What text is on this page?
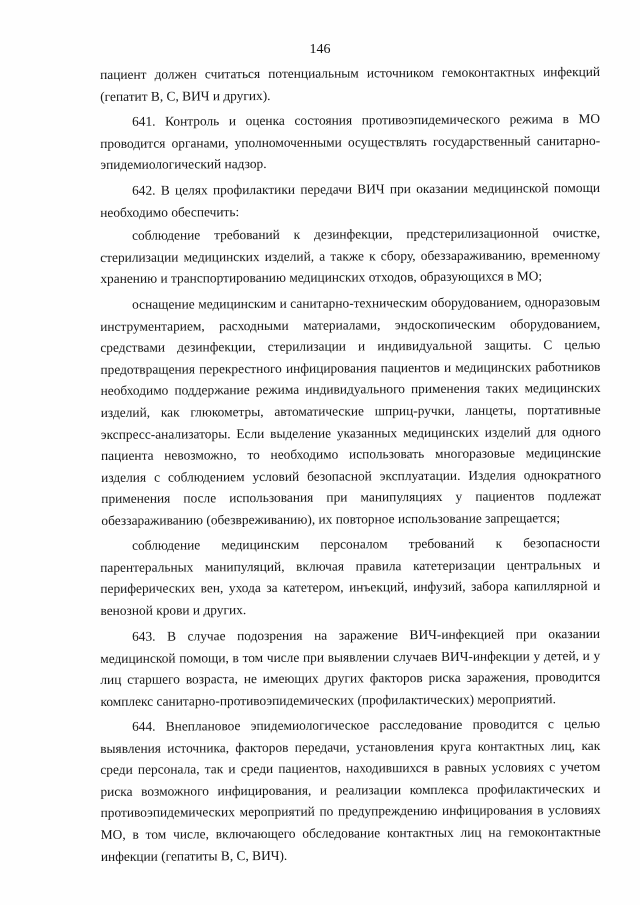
146

пациент должен считаться потенциальным источником гемоконтактных инфекций (гепатит B, C, ВИЧ и других).

641. Контроль и оценка состояния противоэпидемического режима в МО проводится органами, уполномоченными осуществлять государственный санитарно-эпидемиологический надзор.

642. В целях профилактики передачи ВИЧ при оказании медицинской помощи необходимо обеспечить:

соблюдение требований к дезинфекции, предстерилизационной очистке, стерилизации медицинских изделий, а также к сбору, обеззараживанию, временному хранению и транспортированию медицинских отходов, образующихся в МО;

оснащение медицинским и санитарно-техническим оборудованием, одноразовым инструментарием, расходными материалами, эндоскопическим оборудованием, средствами дезинфекции, стерилизации и индивидуальной защиты. С целью предотвращения перекрестного инфицирования пациентов и медицинских работников необходимо поддержание режима индивидуального применения таких медицинских изделий, как глюкометры, автоматические шприц-ручки, ланцеты, портативные экспресс-анализаторы. Если выделение указанных медицинских изделий для одного пациента невозможно, то необходимо использовать многоразовые медицинские изделия с соблюдением условий безопасной эксплуатации. Изделия однократного применения после использования при манипуляциях у пациентов подлежат обеззараживанию (обезвреживанию), их повторное использование запрещается;

соблюдение медицинским персоналом требований к безопасности парентеральных манипуляций, включая правила катетеризации центральных и периферических вен, ухода за катетером, инъекций, инфузий, забора капиллярной и венозной крови и других.

643. В случае подозрения на заражение ВИЧ-инфекцией при оказании медицинской помощи, в том числе при выявлении случаев ВИЧ-инфекции у детей, и у лиц старшего возраста, не имеющих других факторов риска заражения, проводится комплекс санитарно-противоэпидемических (профилактических) мероприятий.

644. Внеплановое эпидемиологическое расследование проводится с целью выявления источника, факторов передачи, установления круга контактных лиц, как среди персонала, так и среди пациентов, находившихся в равных условиях с учетом риска возможного инфицирования, и реализации комплекса профилактических и противоэпидемических мероприятий по предупреждению инфицирования в условиях МО, в том числе, включающего обследование контактных лиц на гемоконтактные инфекции (гепатиты B, C, ВИЧ).
